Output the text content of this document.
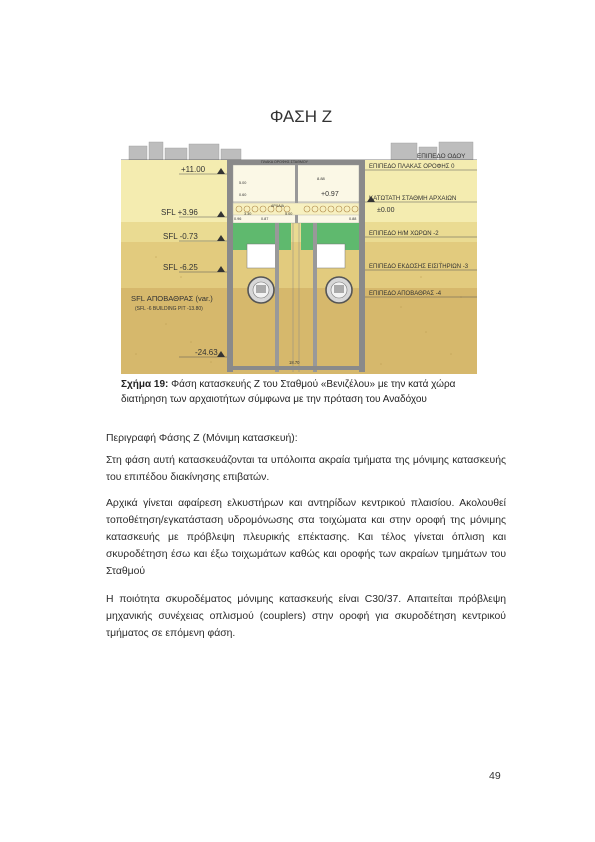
ΦΑΣΗ Ζ
+11.00
SFL +3.96
SFL -0.73
SFL -6.25
SFL ΑΠΟΒΑΘΡΑΣ (var.)
(SFL -6 BUILDING PIT -13.80)
-24.63
ΕΠΙΠΕΔΟ ΟΔΟΥ
ΕΠΙΠΕΔΟ ΠΛΑΚΑΣ ΟΡΟΦΗΣ 0
ΚΑΤΩΤΑΤΗ ΣΤΑΘΜΗ ΑΡΧΑΙΩΝ
±0.00
ΕΠΙΠΕΔΟ Η/Μ ΧΩΡΩΝ -2
ΕΠΙΠΕΔΟ ΕΚΔΟΣΗΣ ΕΙΣΙΤΗΡΙΩΝ -3
ΕΠΙΠΕΔΟ ΑΠΟΒΑΘΡΑΣ -4
ΠΛΑΚΑ ΟΡΟΦΗΣ ΣΤΑΘΜΟΥ
+0.97
8.88
0.96	0.87	0.88
5.00
0.60
3.30	5.00
ΑΡΧΑΙΑ
18.70
Σχήμα 19: Φάση κατασκευής Ζ του Σταθμού «Βενιζέλου» με την κατά χώρα διατήρηση των αρχαιοτήτων σύμφωνα με την πρόταση του Αναδόχου
Περιγραφή Φάσης Ζ (Μόνιμη κατασκευή):
Στη φάση αυτή κατασκευάζονται τα υπόλοιπα ακραία τμήματα της μόνιμης κατασκευής του επιπέδου διακίνησης επιβατών.
Αρχικά γίνεται αφαίρεση ελκυστήρων και αντηρίδων κεντρικού πλαισίου. Ακολουθεί τοποθέτηση/εγκατάσταση υδρομόνωσης στα τοιχώματα και στην οροφή της μόνιμης κατασκευής με πρόβλεψη πλευρικής επέκτασης. Και τέλος γίνεται όπλιση και σκυροδέτηση έσω και έξω τοιχωμάτων καθώς και οροφής των ακραίων τμημάτων του Σταθμού
Η ποιότητα σκυροδέματος μόνιμης κατασκευής είναι C30/37. Απαιτείται πρόβλεψη μηχανικής συνέχειας οπλισμού (couplers) στην οροφή για σκυροδέτηση κεντρικού τμήματος σε επόμενη φάση.
49
